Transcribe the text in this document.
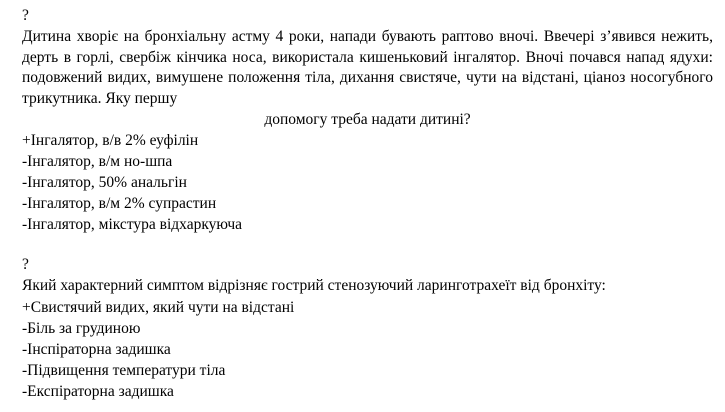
?

Дитина хворіє на бронхіальну астму 4 роки, напади бувають раптово вночі. Ввечері з’явився нежить, дерть в горлі, свербіж кінчика носа, використала кишеньковий інгалятор. Вночі почався напад ядухи: подовжений видих, вимушене положення тіла, дихання свистяче, чути на відстані, ціаноз носогубного трикутника. Яку першу
допомогу треба надати дитині?

+Інгалятор, в/в 2% еуфілін
-Інгалятор, в/м но-шпа
-Інгалятор, 50% анальгін
-Інгалятор, в/м 2% супрастин
-Інгалятор, мікстура відхаркуюча
?

Який характерний симптом відрізняє гострий стенозуючий ларинготрахеїт від бронхіту:

+Свистячий видих, який чути на відстані
-Біль за грудиною
-Інспіраторна задишка
-Підвищення температури тіла
-Експіраторна задишка
